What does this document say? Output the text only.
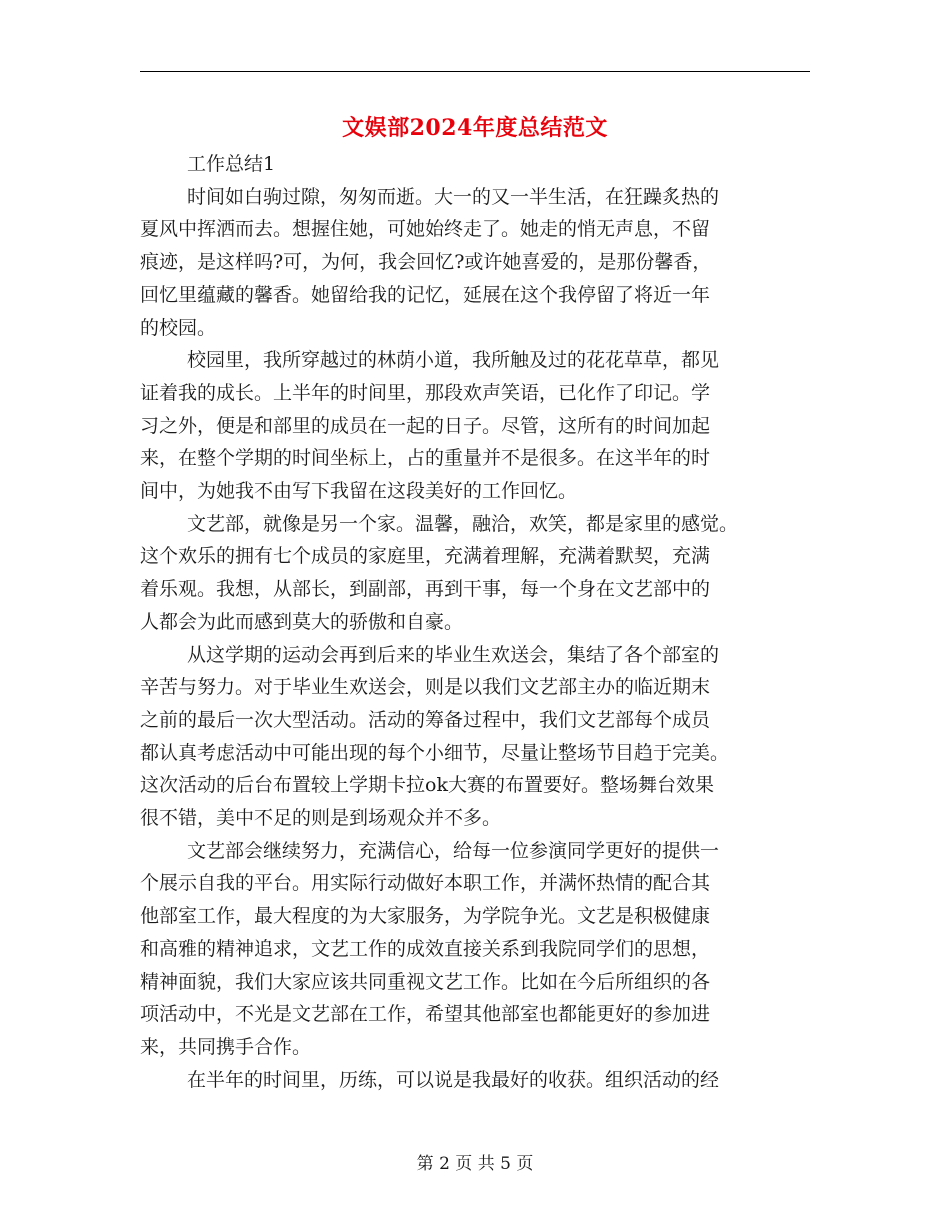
文娱部2024年度总结范文

工作总结1

时间如白驹过隙，匆匆而逝。大一的又一半生活，在狂躁炙热的
夏风中挥洒而去。想握住她，可她始终走了。她走的悄无声息，不留
痕迹，是这样吗?可，为何，我会回忆?或许她喜爱的，是那份馨香，
回忆里蕴藏的馨香。她留给我的记忆，延展在这个我停留了将近一年
的校园。

校园里，我所穿越过的林荫小道，我所触及过的花花草草，都见
证着我的成长。上半年的时间里，那段欢声笑语，已化作了印记。学
习之外，便是和部里的成员在一起的日子。尽管，这所有的时间加起
来，在整个学期的时间坐标上，占的重量并不是很多。在这半年的时
间中，为她我不由写下我留在这段美好的工作回忆。

文艺部，就像是另一个家。温馨，融洽，欢笑，都是家里的感觉。
这个欢乐的拥有七个成员的家庭里，充满着理解，充满着默契，充满
着乐观。我想，从部长，到副部，再到干事，每一个身在文艺部中的
人都会为此而感到莫大的骄傲和自豪。

从这学期的运动会再到后来的毕业生欢送会，集结了各个部室的
辛苦与努力。对于毕业生欢送会，则是以我们文艺部主办的临近期末
之前的最后一次大型活动。活动的筹备过程中，我们文艺部每个成员
都认真考虑活动中可能出现的每个小细节，尽量让整场节目趋于完美。
这次活动的后台布置较上学期卡拉ok大赛的布置要好。整场舞台效果
很不错，美中不足的则是到场观众并不多。

文艺部会继续努力，充满信心，给每一位参演同学更好的提供一
个展示自我的平台。用实际行动做好本职工作，并满怀热情的配合其
他部室工作，最大程度的为大家服务，为学院争光。文艺是积极健康
和高雅的精神追求，文艺工作的成效直接关系到我院同学们的思想，
精神面貌，我们大家应该共同重视文艺工作。比如在今后所组织的各
项活动中，不光是文艺部在工作，希望其他部室也都能更好的参加进
来，共同携手合作。

在半年的时间里，历练，可以说是我最好的收获。组织活动的经

第 2 页 共 5 页
